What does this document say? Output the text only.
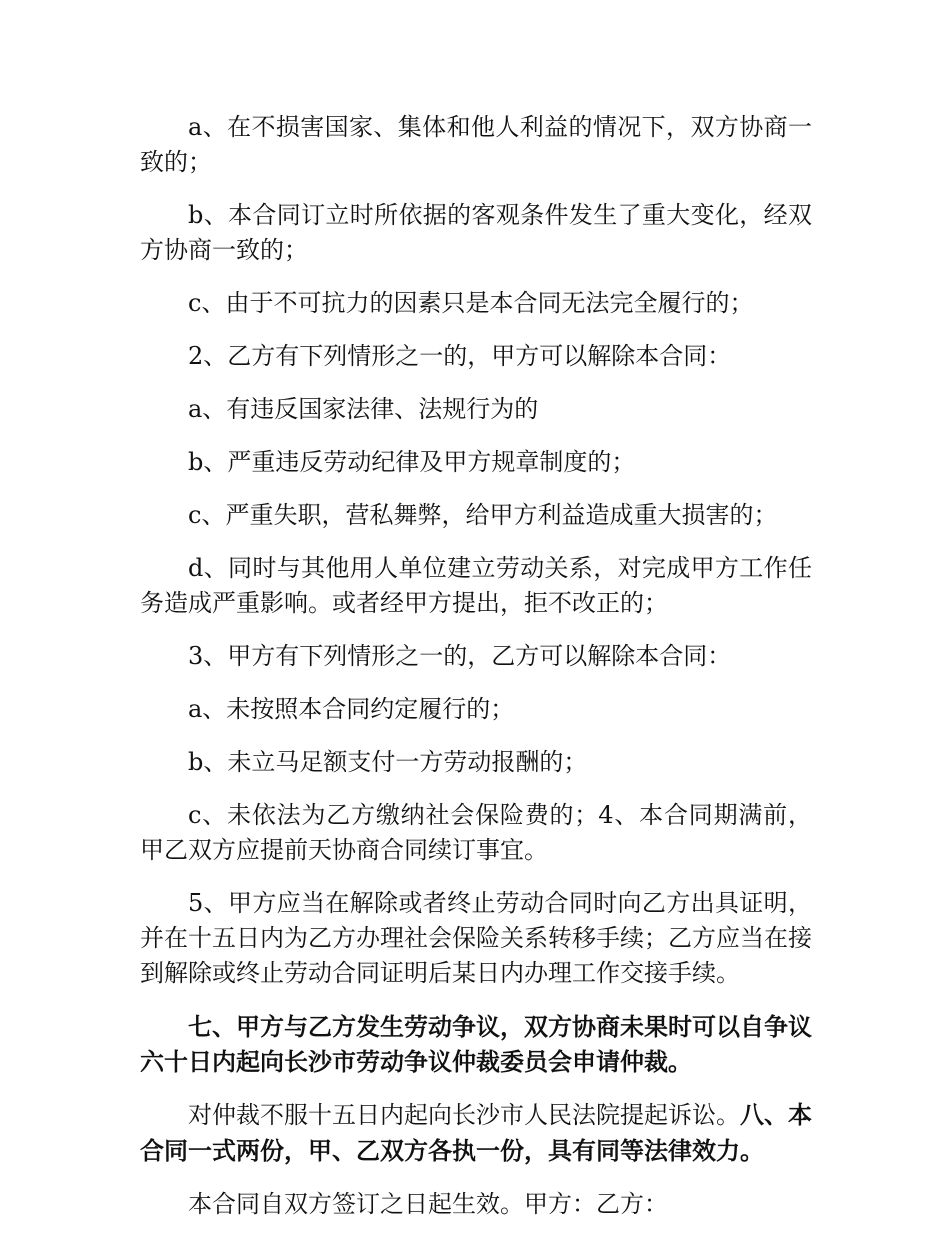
a、在不损害国家、集体和他人利益的情况下，双方协商一致的；

b、本合同订立时所依据的客观条件发生了重大变化，经双方协商一致的；

c、由于不可抗力的因素只是本合同无法完全履行的；

2、乙方有下列情形之一的，甲方可以解除本合同：

a、有违反国家法律、法规行为的

b、严重违反劳动纪律及甲方规章制度的；

c、严重失职，营私舞弊，给甲方利益造成重大损害的；

d、同时与其他用人单位建立劳动关系，对完成甲方工作任务造成严重影响。或者经甲方提出，拒不改正的；

3、甲方有下列情形之一的，乙方可以解除本合同：

a、未按照本合同约定履行的；

b、未立马足额支付一方劳动报酬的；

c、未依法为乙方缴纳社会保险费的；4、本合同期满前，甲乙双方应提前天协商合同续订事宜。

5、甲方应当在解除或者终止劳动合同时向乙方出具证明，并在十五日内为乙方办理社会保险关系转移手续；乙方应当在接到解除或终止劳动合同证明后某日内办理工作交接手续。

七、甲方与乙方发生劳动争议，双方协商未果时可以自争议六十日内起向长沙市劳动争议仲裁委员会申请仲裁。

对仲裁不服十五日内起向长沙市人民法院提起诉讼。八、本合同一式两份，甲、乙双方各执一份，具有同等法律效力。

本合同自双方签订之日起生效。甲方：乙方：
